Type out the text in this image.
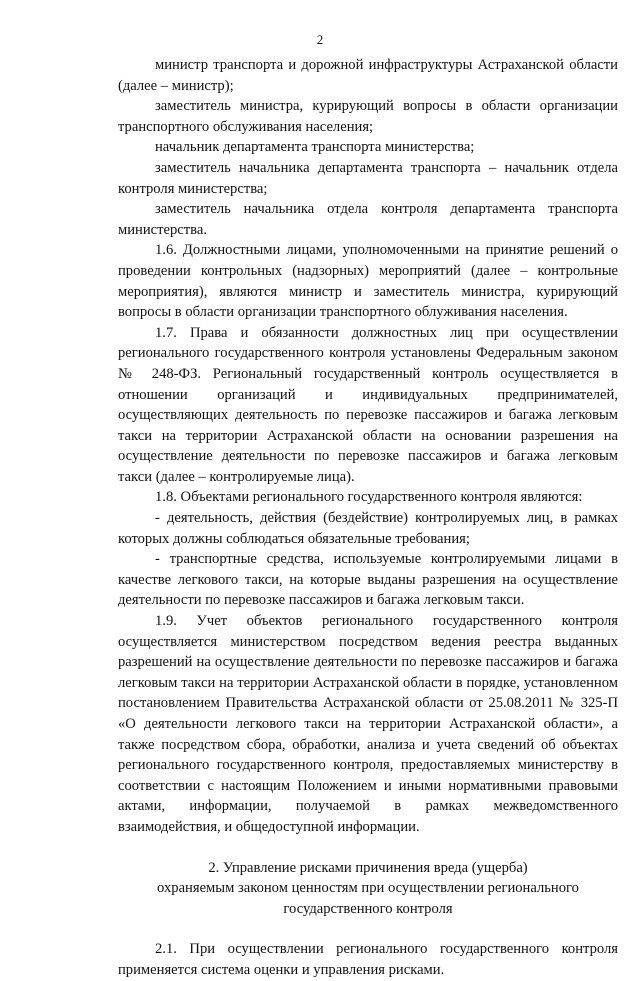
2

министр транспорта и дорожной инфраструктуры Астраханской области (далее – министр);

заместитель министра, курирующий вопросы в области организации транспортного обслуживания населения;

начальник департамента транспорта министерства;

заместитель начальника департамента транспорта – начальник отдела контроля министерства;

заместитель начальника отдела контроля департамента транспорта министерства.

1.6. Должностными лицами, уполномоченными на принятие решений о проведении контрольных (надзорных) мероприятий (далее – контрольные мероприятия), являются министр и заместитель министра, курирующий вопросы в области организации транспортного облуживания населения.

1.7. Права и обязанности должностных лиц при осуществлении регионального государственного контроля установлены Федеральным законом № 248-ФЗ. Региональный государственный контроль осуществляется в отношении организаций и индивидуальных предпринимателей, осуществляющих деятельность по перевозке пассажиров и багажа легковым такси на территории Астраханской области на основании разрешения на осуществление деятельности по перевозке пассажиров и багажа легковым такси (далее – контролируемые лица).

1.8. Объектами регионального государственного контроля являются:

- деятельность, действия (бездействие) контролируемых лиц, в рамках которых должны соблюдаться обязательные требования;

- транспортные средства, используемые контролируемыми лицами в качестве легкового такси, на которые выданы разрешения на осуществление деятельности по перевозке пассажиров и багажа легковым такси.

1.9. Учет объектов регионального государственного контроля осуществляется министерством посредством ведения реестра выданных разрешений на осуществление деятельности по перевозке пассажиров и багажа легковым такси на территории Астраханской области в порядке, установленном постановлением Правительства Астраханской области от 25.08.2011 № 325-П «О деятельности легкового такси на территории Астраханской области», а также посредством сбора, обработки, анализа и учета сведений об объектах регионального государственного контроля, предоставляемых министерству в соответствии с настоящим Положением и иными нормативными правовыми актами, информации, получаемой в рамках межведомственного взаимодействия, и общедоступной информации.

2. Управление рисками причинения вреда (ущерба)

охраняемым законом ценностям при осуществлении регионального государственного контроля

2.1. При осуществлении регионального государственного контроля применяется система оценки и управления рисками.
